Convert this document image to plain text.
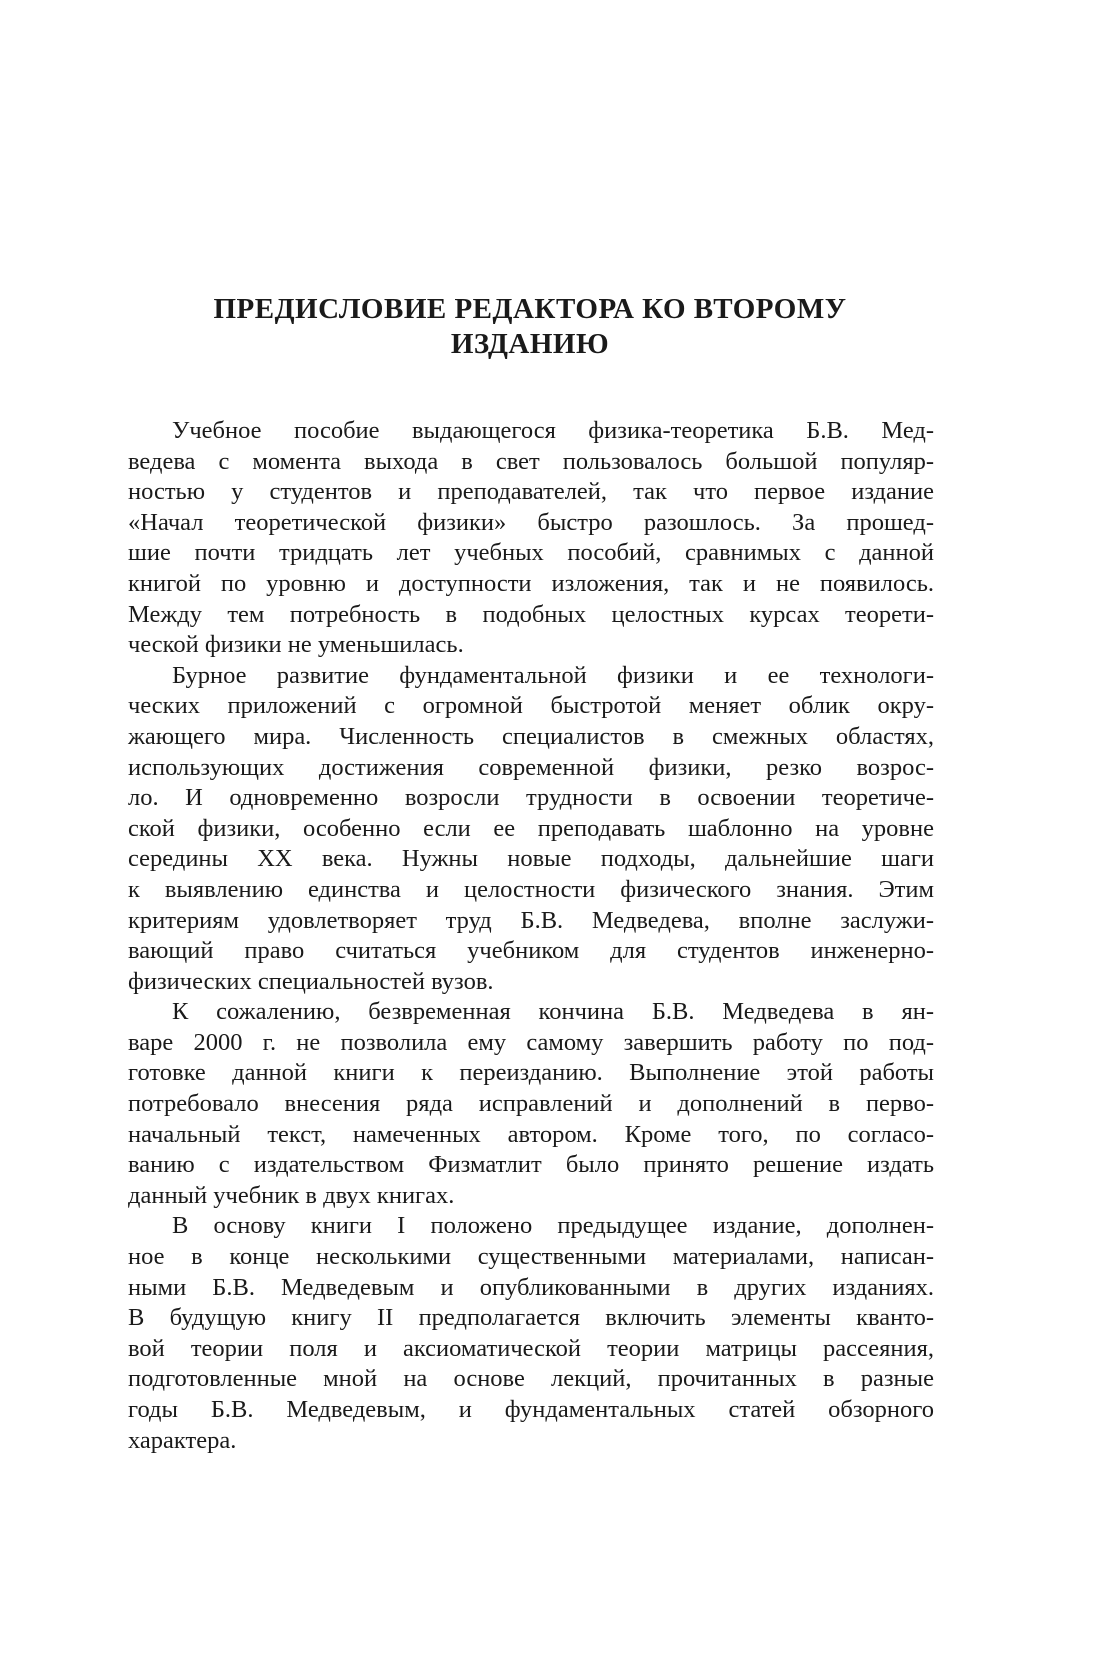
ПРЕДИСЛОВИЕ РЕДАКТОРА КО ВТОРОМУ
ИЗДАНИЮ
Учебное пособие выдающегося физика-теоретика Б.В. Мед-
ведева с момента выхода в свет пользовалось большой популяр-
ностью у студентов и преподавателей, так что первое издание
«Начал теоретической физики» быстро разошлось. За прошед-
шие почти тридцать лет учебных пособий, сравнимых с данной
книгой по уровню и доступности изложения, так и не появилось.
Между тем потребность в подобных целостных курсах теорети-
ческой физики не уменьшилась.
Бурное развитие фундаментальной физики и ее технологи-
ческих приложений с огромной быстротой меняет облик окру-
жающего мира. Численность специалистов в смежных областях,
использующих достижения современной физики, резко возрос-
ло. И одновременно возросли трудности в освоении теоретиче-
ской физики, особенно если ее преподавать шаблонно на уровне
середины XX века. Нужны новые подходы, дальнейшие шаги
к выявлению единства и целостности физического знания. Этим
критериям удовлетворяет труд Б.В. Медведева, вполне заслужи-
вающий право считаться учебником для студентов инженерно-
физических специальностей вузов.
К сожалению, безвременная кончина Б.В. Медведева в ян-
варе 2000 г. не позволила ему самому завершить работу по под-
готовке данной книги к переизданию. Выполнение этой работы
потребовало внесения ряда исправлений и дополнений в перво-
начальный текст, намеченных автором. Кроме того, по согласо-
ванию с издательством Физматлит было принято решение издать
данный учебник в двух книгах.
В основу книги I положено предыдущее издание, дополнен-
ное в конце несколькими существенными материалами, написан-
ными Б.В. Медведевым и опубликованными в других изданиях.
В будущую книгу II предполагается включить элементы кванто-
вой теории поля и аксиоматической теории матрицы рассеяния,
подготовленные мной на основе лекций, прочитанных в разные
годы Б.В. Медведевым, и фундаментальных статей обзорного
характера.
